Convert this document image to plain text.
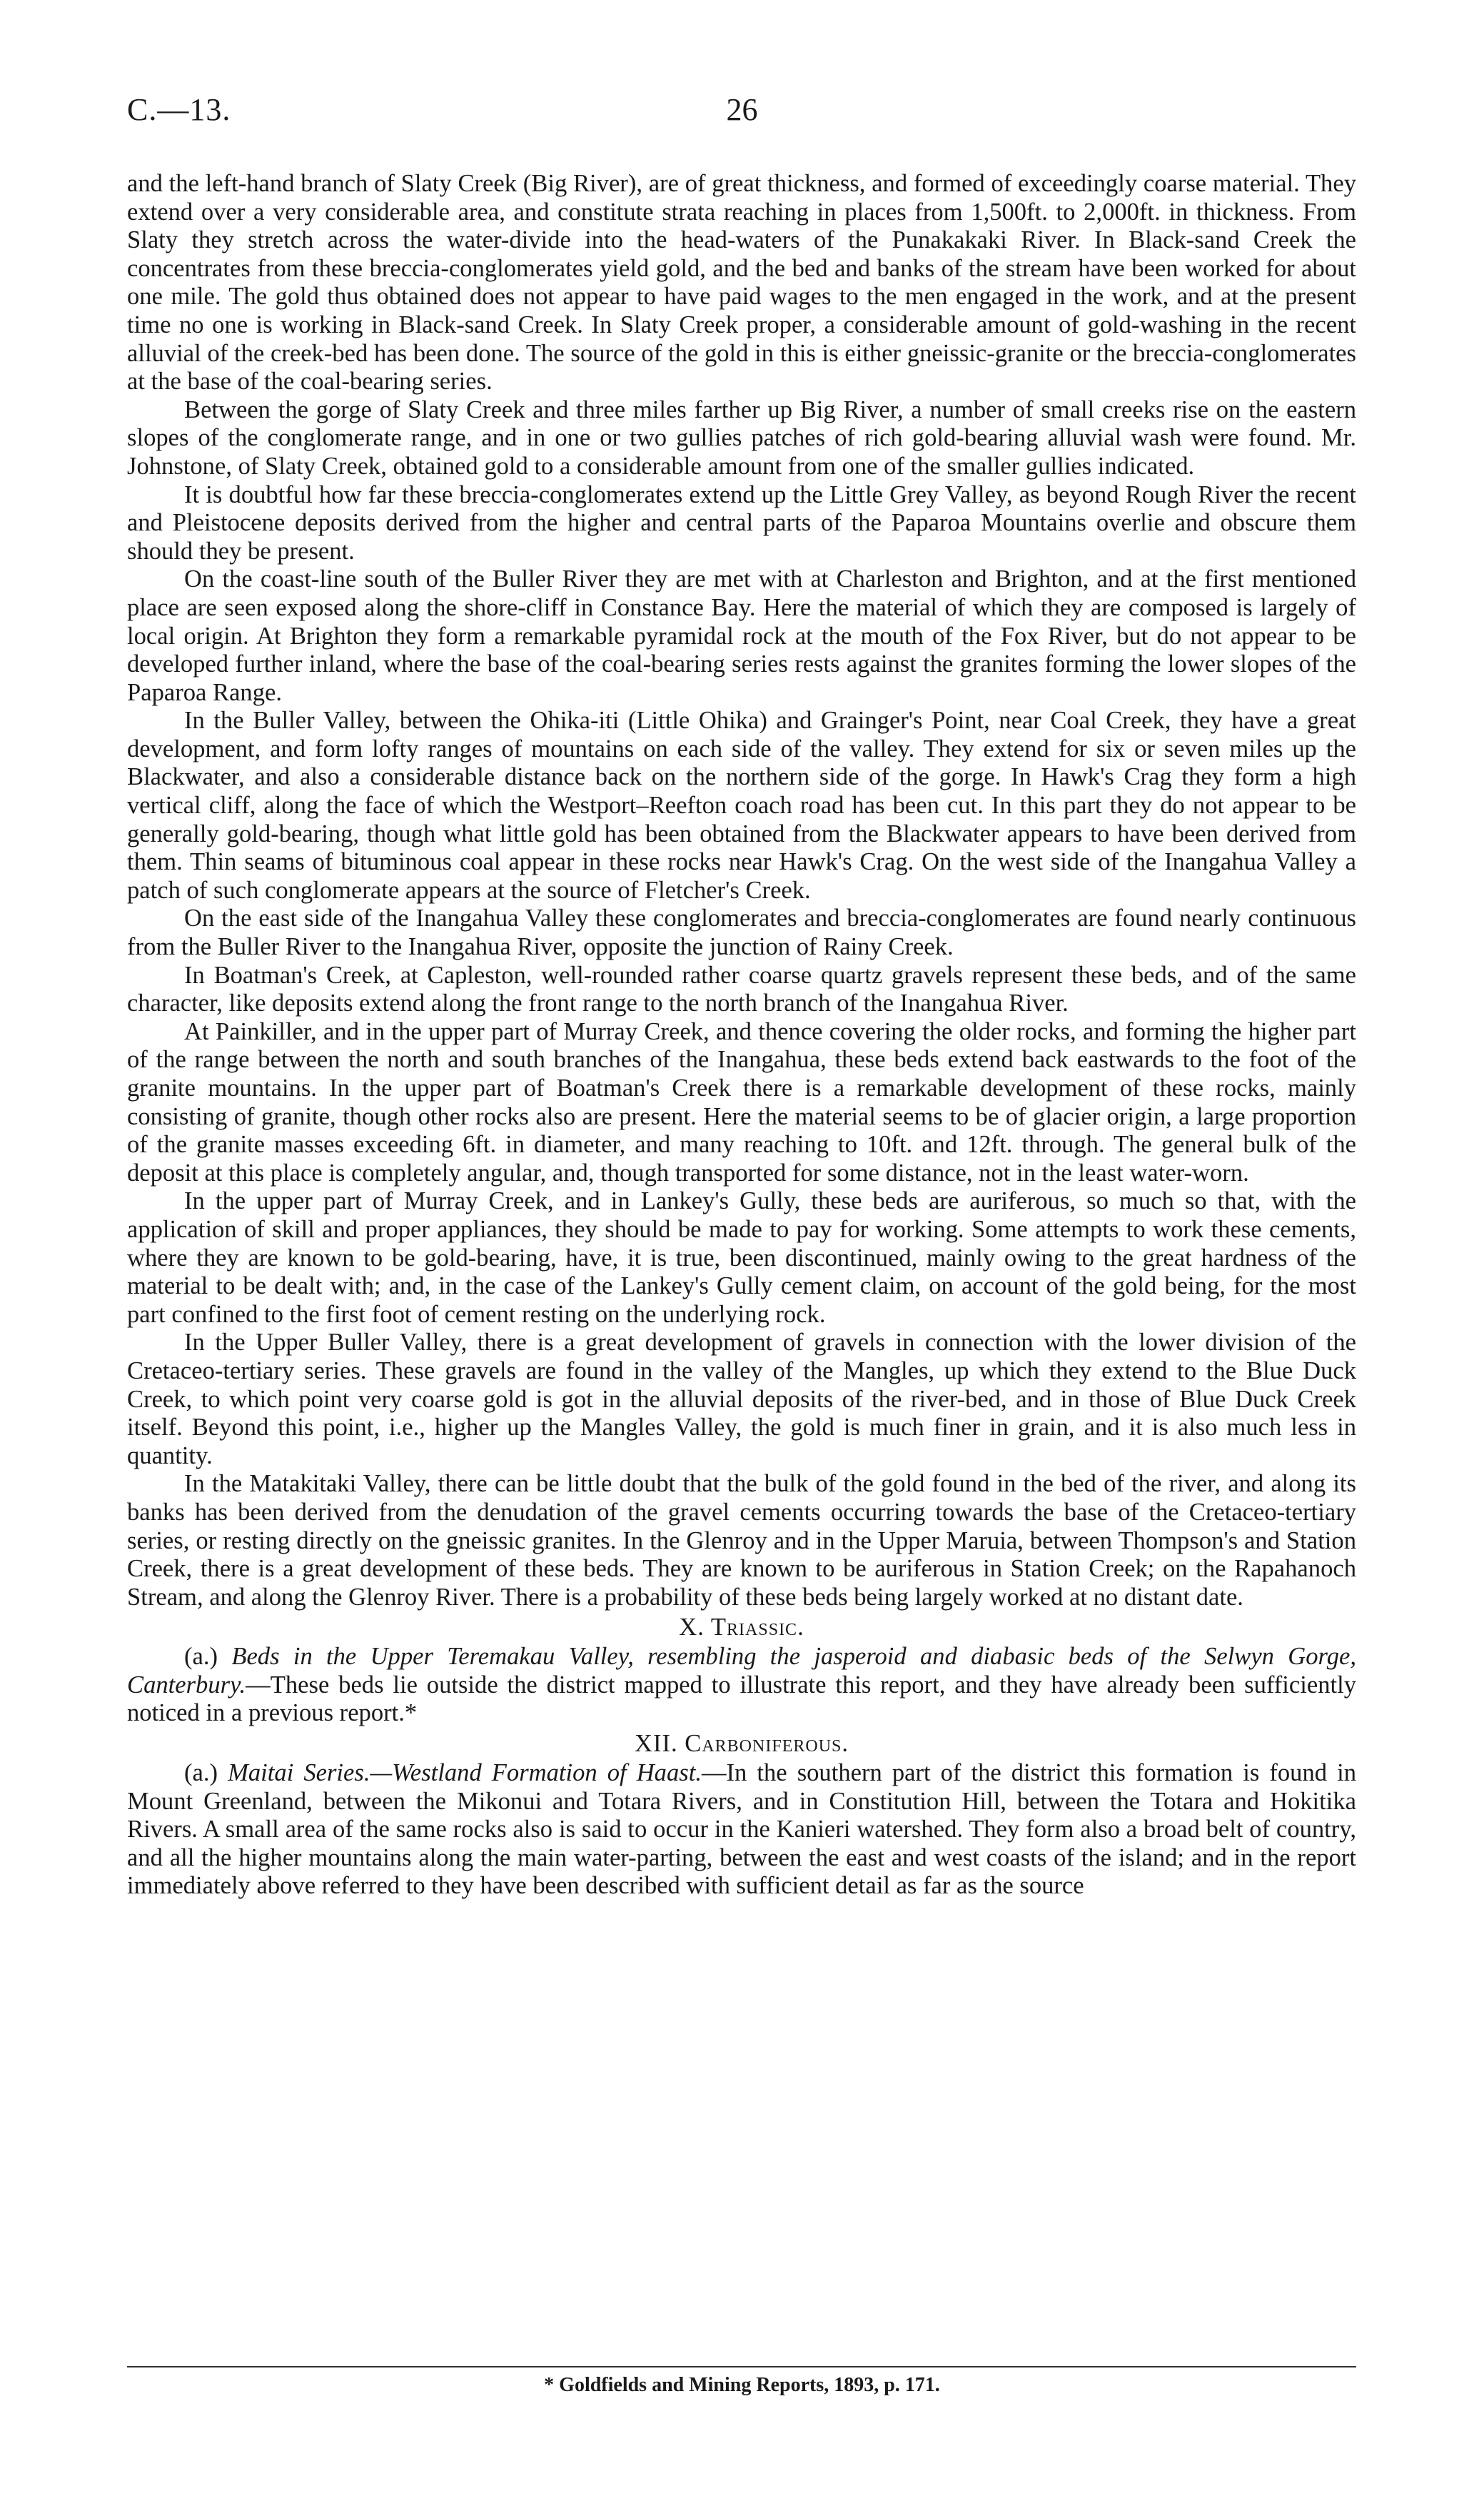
C.—13.	26

and the left-hand branch of Slaty Creek (Big River), are of great thickness, and formed of exceedingly coarse material. They extend over a very considerable area, and constitute strata reaching in places from 1,500ft. to 2,000ft. in thickness. From Slaty they stretch across the water-divide into the head-waters of the Punakakaki River. In Black-sand Creek the concentrates from these breccia-conglomerates yield gold, and the bed and banks of the stream have been worked for about one mile. The gold thus obtained does not appear to have paid wages to the men engaged in the work, and at the present time no one is working in Black-sand Creek. In Slaty Creek proper, a considerable amount of gold-washing in the recent alluvial of the creek-bed has been done. The source of the gold in this is either gneissic-granite or the breccia-conglomerates at the base of the coal-bearing series.

Between the gorge of Slaty Creek and three miles farther up Big River, a number of small creeks rise on the eastern slopes of the conglomerate range, and in one or two gullies patches of rich gold-bearing alluvial wash were found. Mr. Johnstone, of Slaty Creek, obtained gold to a considerable amount from one of the smaller gullies indicated.

It is doubtful how far these breccia-conglomerates extend up the Little Grey Valley, as beyond Rough River the recent and Pleistocene deposits derived from the higher and central parts of the Paparoa Mountains overlie and obscure them should they be present.

On the coast-line south of the Buller River they are met with at Charleston and Brighton, and at the first mentioned place are seen exposed along the shore-cliff in Constance Bay. Here the material of which they are composed is largely of local origin. At Brighton they form a remarkable pyramidal rock at the mouth of the Fox River, but do not appear to be developed further inland, where the base of the coal-bearing series rests against the granites forming the lower slopes of the Paparoa Range.

In the Buller Valley, between the Ohika-iti (Little Ohika) and Grainger's Point, near Coal Creek, they have a great development, and form lofty ranges of mountains on each side of the valley. They extend for six or seven miles up the Blackwater, and also a considerable distance back on the northern side of the gorge. In Hawk's Crag they form a high vertical cliff, along the face of which the Westport–Reefton coach road has been cut. In this part they do not appear to be generally gold-bearing, though what little gold has been obtained from the Blackwater appears to have been derived from them. Thin seams of bituminous coal appear in these rocks near Hawk's Crag. On the west side of the Inangahua Valley a patch of such conglomerate appears at the source of Fletcher's Creek.

On the east side of the Inangahua Valley these conglomerates and breccia-conglomerates are found nearly continuous from the Buller River to the Inangahua River, opposite the junction of Rainy Creek.

In Boatman's Creek, at Capleston, well-rounded rather coarse quartz gravels represent these beds, and of the same character, like deposits extend along the front range to the north branch of the Inangahua River.

At Painkiller, and in the upper part of Murray Creek, and thence covering the older rocks, and forming the higher part of the range between the north and south branches of the Inangahua, these beds extend back eastwards to the foot of the granite mountains. In the upper part of Boatman's Creek there is a remarkable development of these rocks, mainly consisting of granite, though other rocks also are present. Here the material seems to be of glacier origin, a large proportion of the granite masses exceeding 6ft. in diameter, and many reaching to 10ft. and 12ft. through. The general bulk of the deposit at this place is completely angular, and, though transported for some distance, not in the least water-worn.

In the upper part of Murray Creek, and in Lankey's Gully, these beds are auriferous, so much so that, with the application of skill and proper appliances, they should be made to pay for working. Some attempts to work these cements, where they are known to be gold-bearing, have, it is true, been discontinued, mainly owing to the great hardness of the material to be dealt with; and, in the case of the Lankey's Gully cement claim, on account of the gold being, for the most part confined to the first foot of cement resting on the underlying rock.

In the Upper Buller Valley, there is a great development of gravels in connection with the lower division of the Cretaceo-tertiary series. These gravels are found in the valley of the Mangles, up which they extend to the Blue Duck Creek, to which point very coarse gold is got in the alluvial deposits of the river-bed, and in those of Blue Duck Creek itself. Beyond this point, i.e., higher up the Mangles Valley, the gold is much finer in grain, and it is also much less in quantity.

In the Matakitaki Valley, there can be little doubt that the bulk of the gold found in the bed of the river, and along its banks has been derived from the denudation of the gravel cements occurring towards the base of the Cretaceo-tertiary series, or resting directly on the gneissic granites. In the Glenroy and in the Upper Maruia, between Thompson's and Station Creek, there is a great development of these beds. They are known to be auriferous in Station Creek; on the Rapahanoch Stream, and along the Glenroy River. There is a probability of these beds being largely worked at no distant date.

X. Triassic.

(a.) Beds in the Upper Teremakau Valley, resembling the jasperoid and diabasic beds of the Selwyn Gorge, Canterbury.—These beds lie outside the district mapped to illustrate this report, and they have already been sufficiently noticed in a previous report.*

XII. Carboniferous.

(a.) Maitai Series.—Westland Formation of Haast.—In the southern part of the district this formation is found in Mount Greenland, between the Mikonui and Totara Rivers, and in Constitution Hill, between the Totara and Hokitika Rivers. A small area of the same rocks also is said to occur in the Kanieri watershed. They form also a broad belt of country, and all the higher mountains along the main water-parting, between the east and west coasts of the island; and in the report immediately above referred to they have been described with sufficient detail as far as the source

* Goldfields and Mining Reports, 1893, p. 171.
